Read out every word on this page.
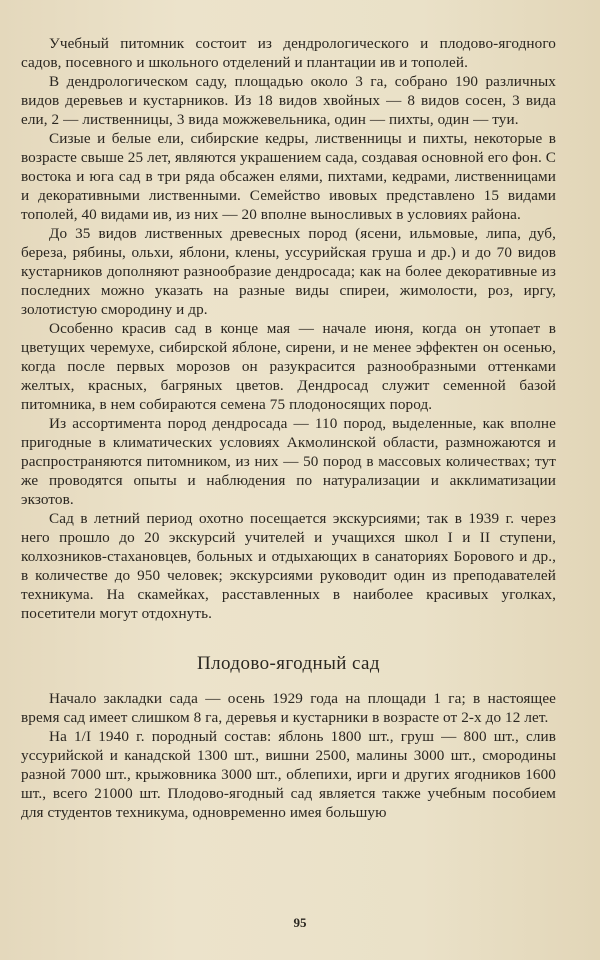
Учебный питомник состоит из дендрологического и плодово-ягодного садов, посевного и школьного отделений и плантации ив и тополей.

В дендрологическом саду, площадью около 3 га, собрано 190 различных видов деревьев и кустарников. Из 18 видов хвойных — 8 видов сосен, 3 вида ели, 2 — лиственницы, 3 вида можжевельника, один — пихты, один — туи.

Сизые и белые ели, сибирские кедры, лиственницы и пихты, некоторые в возрасте свыше 25 лет, являются украшением сада, создавая основной его фон. С востока и юга сад в три ряда обсажен елями, пихтами, кедрами, лиственницами и декоративными лиственными. Семейство ивовых представлено 15 видами тополей, 40 видами ив, из них — 20 вполне выносливых в условиях района.

До 35 видов лиственных древесных пород (ясени, ильмовые, липа, дуб, береза, рябины, ольхи, яблони, клены, уссурийская груша и др.) и до 70 видов кустарников дополняют разнообразие дендросада; как на более декоративные из последних можно указать на разные виды спиреи, жимолости, роз, иргу, золотистую смородину и др.

Особенно красив сад в конце мая — начале июня, когда он утопает в цветущих черемухе, сибирской яблоне, сирени, и не менее эффектен он осенью, когда после первых морозов он разукрасится разнообразными оттенками желтых, красных, багряных цветов. Дендросад служит семенной базой питомника, в нем собираются семена 75 плодоносящих пород.

Из ассортимента пород дендросада — 110 пород, выделенные, как вполне пригодные в климатических условиях Акмолинской области, размножаются и распространяются питомником, из них — 50 пород в массовых количествах; тут же проводятся опыты и наблюдения по натурализации и акклиматизации экзотов.

Сад в летний период охотно посещается экскурсиями; так в 1939 г. через него прошло до 20 экскурсий учителей и учащихся школ I и II ступени, колхозников-стахановцев, больных и отдыхающих в санаториях Борового и др., в количестве до 950 человек; экскурсиями руководит один из преподавателей техникума. На скамейках, расставленных в наиболее красивых уголках, посетители могут отдохнуть.

Плодово-ягодный сад

Начало закладки сада — осень 1929 года на площади 1 га; в настоящее время сад имеет слишком 8 га, деревья и кустарники в возрасте от 2-х до 12 лет.

На 1/I 1940 г. породный состав: яблонь 1800 шт., груш — 800 шт., слив уссурийской и канадской 1300 шт., вишни 2500, малины 3000 шт., смородины разной 7000 шт., крыжовника 3000 шт., облепихи, ирги и других ягодников 1600 шт., всего 21000 шт. Плодово-ягодный сад является также учебным пособием для студентов техникума, одновременно имея большую

95
